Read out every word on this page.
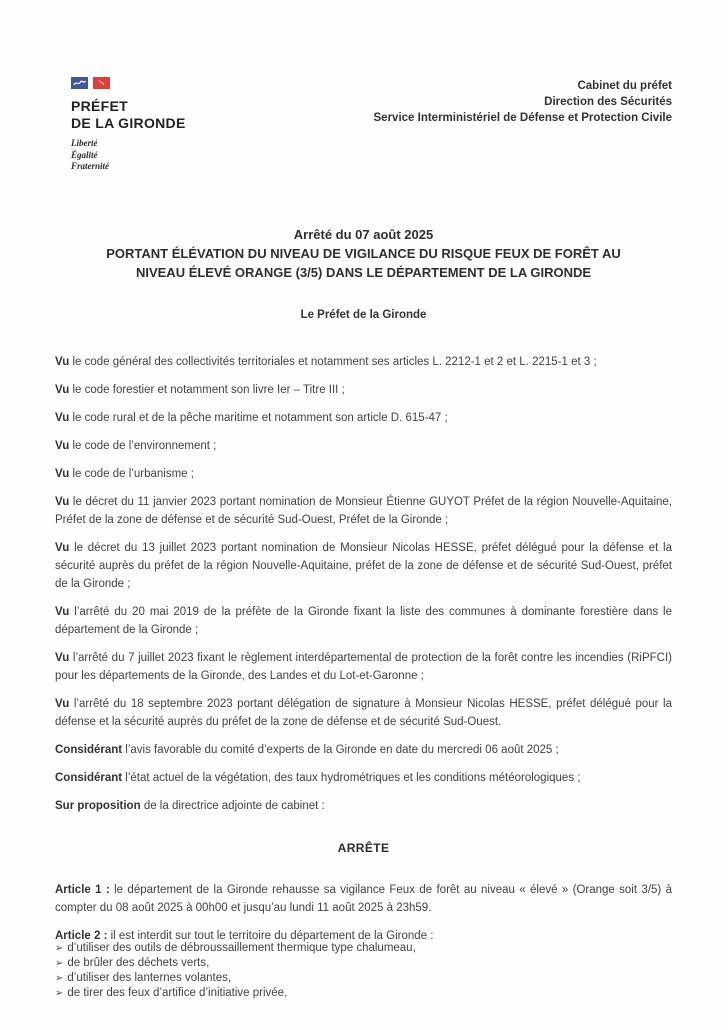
PRÉFET
DE LA GIRONDE
Liberté
Égalité
Fraternité
Cabinet du préfet
Direction des Sécurités
Service Interministériel de Défense et Protection Civile
Arrêté du 07 août 2025
PORTANT ÉLÉVATION DU NIVEAU DE VIGILANCE DU RISQUE FEUX DE FORÊT AU
NIVEAU ÉLEVÉ ORANGE (3/5) DANS LE DÉPARTEMENT DE LA GIRONDE
Le Préfet de la Gironde

Vu le code général des collectivités territoriales et notamment ses articles L. 2212-1 et 2 et L. 2215-1 et 3 ;

Vu le code forestier et notamment son livre Ier – Titre III ;

Vu le code rural et de la pêche maritime et notamment son article D. 615-47 ;

Vu le code de l’environnement ;

Vu le code de l’urbanisme ;

Vu le décret du 11 janvier 2023 portant nomination de Monsieur Étienne GUYOT Préfet de la région Nouvelle-Aquitaine, Préfet de la zone de défense et de sécurité Sud-Ouest, Préfet de la Gironde ;

Vu le décret du 13 juillet 2023 portant nomination de Monsieur Nicolas HESSE, préfet délégué pour la défense et la sécurité auprès du préfet de la région Nouvelle-Aquitaine, préfet de la zone de défense et de sécurité Sud-Ouest, préfet de la Gironde ;

Vu l’arrêté du 20 mai 2019 de la préfète de la Gironde fixant la liste des communes à dominante forestière dans le département de la Gironde ;

Vu l’arrêté du 7 juillet 2023 fixant le règlement interdépartemental de protection de la forêt contre les incendies (RiPFCI) pour les départements de la Gironde, des Landes et du Lot-et-Garonne ;

Vu l’arrêté du 18 septembre 2023 portant délégation de signature à Monsieur Nicolas HESSE, préfet délégué pour la défense et la sécurité auprès du préfet de la zone de défense et de sécurité Sud-Ouest.

Considérant l’avis favorable du comité d’experts de la Gironde en date du mercredi 06 août 2025 ;

Considérant l’état actuel de la végétation, des taux hydrométriques et les conditions météorologiques ;

Sur proposition de la directrice adjointe de cabinet :

ARRÊTE

Article 1 : le département de la Gironde rehausse sa vigilance Feux de forêt au niveau « élevé » (Orange soit 3/5) à compter du 08 août 2025 à 00h00 et jusqu’au lundi 11 août 2025 à 23h59.

Article 2 : il est interdit sur tout le territoire du département de la Gironde :

➢ d’utiliser des outils de débroussaillement thermique type chalumeau,
➢ de brûler des déchets verts,
➢ d’utiliser des lanternes volantes,
➢ de tirer des feux d’artifice d’initiative privée,
